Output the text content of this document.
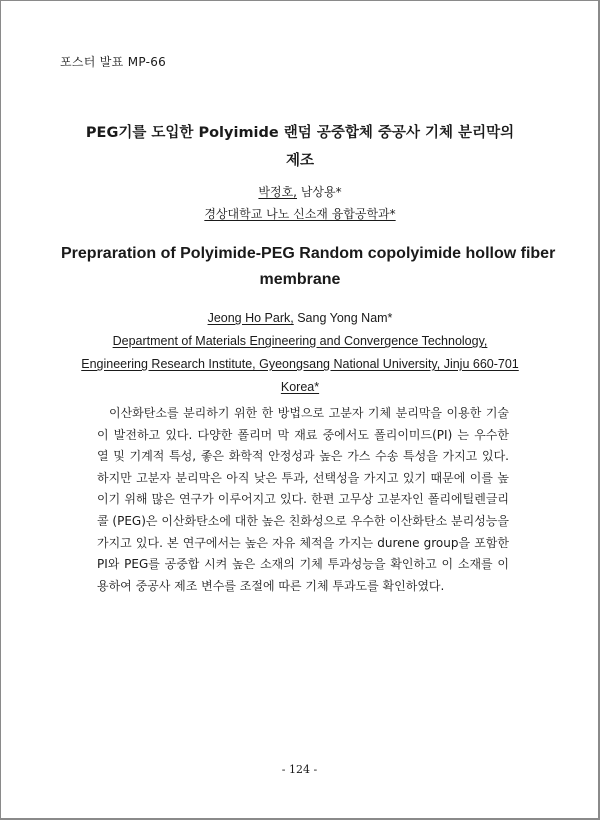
포스터 발표 MP-66
PEG기를 도입한 Polyimide 랜덤 공중합체 중공사 기체 분리막의
제조
박정호, 남상용*
경상대학교 나노 신소재 융합공학과*
Prepraration of Polyimide-PEG Random copolyimide hollow fiber
membrane
Jeong Ho Park, Sang Yong Nam*
Department of Materials Engineering and Convergence Technology,
Engineering Research Institute, Gyeongsang National University, Jinju 660-701
Korea*
이산화탄소를 분리하기 위한 한 방법으로 고분자 기체 분리막을 이용한 기술
이 발전하고 있다. 다양한 폴리머 막 재료 중에서도 폴리이미드(PI) 는 우수한
열 및 기계적 특성, 좋은 화학적 안정성과 높은 가스 수송 특성을 가지고 있다.
하지만 고분자 분리막은 아직 낮은 투과, 선택성을 가지고 있기 때문에 이를 높
이기 위해 많은 연구가 이루어지고 있다. 한편 고무상 고분자인 폴리에틸렌글리
콜 (PEG)은 이산화탄소에 대한 높은 친화성으로 우수한 이산화탄소 분리성능을
가지고 있다. 본 연구에서는 높은 자유 체적을 가지는 durene group을 포함한
PI와 PEG를 공중합 시켜 높은 소재의 기체 투과성능을 확인하고 이 소재를 이
용하여 중공사 제조 변수를 조절에 따른 기체 투과도를 확인하였다.
- 124 -
